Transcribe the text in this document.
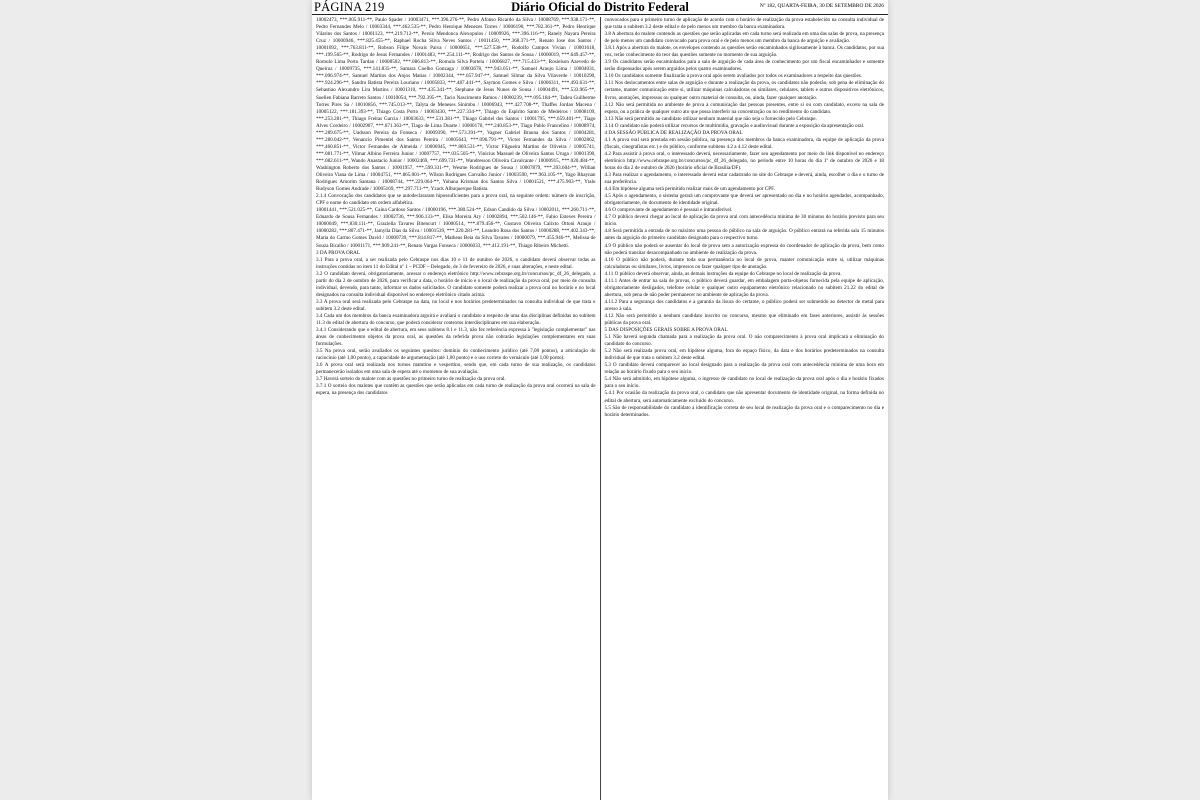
PÁGINA 219	Diário Oficial do Distrito Federal	Nº 182, QUARTA-FEIRA, 30 DE SETEMBRO DE 2026

10002473, ***.005.911-**, Paulo Spader / 10003471, ***.396.276-**, Pedro Afonso Ricardo da Silva / 10008769, ***.938.171-**, Pedro Fernandes Melo / 10003344, ***.462.535-**, Pedro Henrique Menezes Torres / 10006190, ***.782.361-**, Pedro Henrique Vilarins dos Santos / 10001123, ***.219.712-**, Persio Mendonca Alexopulos / 10009926, ***.396.116-**, Ranely Nayara Pereira Cruz / 10000946, ***.825.455-**, Raphael Rocha Silva Neves Santos / 10011450, ***.368.371-**, Renato Jose dos Santos / 10001692, ***.763.811-**, Robson Filipe Novais Paiva / 10000651, ***.527.538-**, Rodolfo Campos Vivian / 10001618, ***.199.565-**, Rodrigo de Jesus Fernandes / 10001483, ***.254.111-**, Rodrigo dos Santos de Sousa / 10000019, ***.649.457-**, Romulo Lima Porto Tardan / 10008502, ***.086.813-**, Romulo Silva Portela / 10006827, ***.715.433-**, Rosielson Azevedo de Queiroz / 10009735, ***.141.835-**, Samara Coelho Gonzaga / 10003678, ***.943.051-**, Samuel Araujo Lima / 10004031, ***.096.974-**, Samuel Martins dos Anjos Matias / 10002344, ***.057.947-**, Samuel Silmar da Silva Vilaverde / 10010290, ***.924.296-**, Sandro Batista Pereira Louriano / 10005833, ***.487.441-**, Saymon Gomes e Silva / 10006311, ***.493.631-**, Sebastiao Alexandro Lira Martins / 10001310, ***.435.341-**, Stephane de Jesus Nunes de Sousa / 10004491, ***.533.965-**, Suellen Fabiana Barreto Santos / 10010054, ***.792.395-**, Tacio Nascimento Ramos / 10000239, ***.095.184-**, Tadeu Guilherme Torres Pires Sa / 10010856, ***.745.013-**, Talyta de Meneses Sinimbu / 10006943, ***.427.708-**, Thaffes Jordao Macena / 10005122, ***.181.393-**, Thiago Costa Porto / 10003430, ***.227.334-**, Thiago do Espirito Santo de Medeiros / 10008109, ***.253.281-**, Thiago Freitas Garcia / 10003633, ***.531.381-**, Thiago Gabriel dos Santos / 10001795, ***.659.401-**, Tiago Alves Cordeiro / 10002907, ***.671.363-**, Tiago de Lima Duarte / 10000170, ***.240.853-**, Tiago Pablo Francelino / 10008974, ***.289.675-**, Uadsson Pereira da Fonseca / 10009390, ***.573.391-**, Vagner Gabriel Brauna dos Santos / 10004281, ***.280.042-**, Venancio Pimentel dos Santos Pereira / 10005643, ***.096.791-**, Victor Fernandes da Silva / 10002862, ***.460.851-**, Victor Fernandes de Almeida / 10006945, ***.869.531-**, Victor Filgueira Martins de Oliveira / 10005741, ***.081.771-**, Vilmar Albino Ferreira Junior / 10007757, ***.035.505-**, Vinicius Massuel de Oliveira Santos Uruga / 10001390, ***.082.611-**, Wando Anastacio Junior / 10002469, ***.699.731-**, Wandresson Oliveira Cavalcante / 10000915, ***.020.484-**, Washington Roberto dos Santos / 10001957, ***.599.331-**, Wesme Rodrigues de Sousa / 10007879, ***.393.604-**, Willian Oliveira Viana de Lima / 10004751, ***.865.001-**, Wilson Rodrigues Carvalho Junior / 10003590, ***.963.105-**, Yago Rhaynan Rodrigues Amorim Santana / 10008744, ***.229.064-**, Yohana Kristnan dos Santos Silva / 10001521, ***.475.903-**, Ytalo Rudyson Gomes Andrade / 10005169, ***.297.711-**, Yzack Albuquerque Batista.

2.1.4 Convocação dos candidatos que se autodeclararam hipossuficientes para a prova oral, na seguinte ordem: número de inscrição, CPF e nome do candidato em ordem alfabética.

10001441, ***.521.025-**, Caina Cardoso Santos / 10000196, ***.380.524-**, Edson Candido da Silva / 10002011, ***.260.711-**, Eduardo de Sousa Fernandes / 10002736, ***.906.133-**, Elisa Moreira Ary / 10002894, ***.502.146-**, Fabio Esteves Pereira / 10000049, ***.830.111-**, Graziella Tavares Bitencurt / 10000514, ***.879.456-**, Gustavo Oliveira Calixto Ottoni Araujo / 10000282, ***.807.471-**, Jamylla Dias da Silva / 10001539, ***.220.281-**, Leandro Rosa dos Santos / 10000288, ***.402.343-**, Maria do Carmo Gomes David / 10000739, ***.814.817-**, Matheus Beia da Silva Tavares / 10000079, ***.455.946-**, Melissa de Souza Bicalho / 10001171, ***.909.241-**, Renato Vargas Fonseca / 10006033, ***.412.191-**, Thiago Ribeiro Michetti.

3 DA PROVA ORAL

3.1 Para a prova oral, a ser realizada pelo Cebraspe nos dias 10 e 11 de outubro de 2026, o candidato deverá observar todas as instruções contidas no item 11 do Edital nº 1 – PCDF – Delegado, de 3 de fevereiro de 2026, e suas alterações, e neste edital.

3.2 O candidato deverá, obrigatoriamente, acessar o endereço eletrônico http://www.cebraspe.org.br/concursos/pc_df_26_delegado, a partir do dia 2 de outubro de 2026, para verificar a data, o horário de início e o local de realização da prova oral, por meio de consulta individual, devendo, para tanto, informar os dados solicitados. O candidato somente poderá realizar a prova oral no horário e no local designados na consulta individual disponível no endereço eletrônico citado acima.

3.3 A prova oral será realizada pelo Cebraspe na data, no local e nos horários predeterminados na consulta individual de que trata o subitem 3.2 deste edital.

3.4 Cada um dos membros da banca examinadora arguirá e avaliará o candidato a respeito de uma das disciplinas definidas no subitem 11.3 do edital de abertura do concurso, que poderá considerar contextos interdisciplinares em sua elaboração.

3.4.1 Considerando que o edital de abertura, em seus subitens 8.1 e 11.3, não fez referência expressa à "legislação complementar" nas áreas de conhecimento objetos da prova oral, as questões da referida prova não cobrarão legislações complementares em suas formulações.

3.5 Na prova oral, serão avaliados os seguintes quesitos: domínio do conhecimento jurídico (até 7,00 pontos), a articulação do raciocínio (até 1,00 ponto), a capacidade de argumentação (até 1,00 ponto) e o uso correto do vernáculo (até 1,00 ponto).

3.6 A prova oral será realizada nos turnos matutino e vespertino, sendo que, em cada turno de sua realização, os candidatos permanecerão isolados em uma sala de espera até o momento de sua avaliação.

3.7 Haverá sorteio do malote com as questões no primeiro turno de realização da prova oral.

3.7.1 O sorteio dos malotes que contêm as questões que serão aplicadas em cada turno de realização da prova oral ocorrerá na sala de espera, na presença dos candidatos

convocados para o primeiro turno de aplicação de acordo com o horário de realização da prova estabelecido na consulta individual de que trata o subitem 3.2 deste edital e de pelo menos um membro da banca examinadora.

3.8 A abertura do malote contendo as questões que serão aplicadas em cada turno será realizada em uma das salas de prova, na presença de pelo menos um candidato convocado para prova oral e de pelo menos um membro da banca de arguição e avaliação.

3.8.1 Após a abertura do malote, os envelopes contendo as questões serão encaminhados sigilosamente à banca. Os candidatos, por sua vez, terão conhecimento do teor das questões somente no momento de sua arguição.

3.9 Os candidatos serão encaminhados para a sala de arguição de cada área de conhecimento por um fiscal encaminhador e somente serão dispensados após serem arguidos pelos quatro examinadores.

3.10 Os candidatos somente finalizarão a prova oral após serem avaliados por todos os examinadores a respeito das questões.

3.11 Nos deslocamentos entre salas de arguição e durante a realização da prova, os candidatos não poderão, sob pena de eliminação do certame, manter comunicação entre si, utilizar máquinas calculadoras ou similares, celulares, tablets e outros dispositivos eletrônicos, livros, anotações, impressos ou qualquer outro material de consulta, ou, ainda, fazer qualquer anotação.

3.12 Não será permitida no ambiente de prova a comunicação das pessoas presentes, entre si ou com candidato, exceto na sala de espera, ou a prática de qualquer outro ato que possa interferir na concentração ou no rendimento do candidato.

3.13 Não será permitido ao candidato utilizar nenhum material que não seja o fornecido pelo Cebraspe.

3.14 O candidato não poderá utilizar recursos de multimídia, gravação e audiovisual durante a exposição da apresentação oral.

4 DA SESSÃO PÚBLICA DE REALIZAÇÃO DA PROVA ORAL

4.1 A prova oral será prestada em sessão pública, na presença dos membros da banca examinadora, da equipe de aplicação da prova (fiscais, cinegrafistas etc.) e do público, conforme subitens 4.2 a 4.12 deste edital.

4.2 Para assistir à prova oral, o interessado deverá, necessariamente, fazer seu agendamento por meio do link disponível no endereço eletrônico http://www.cebraspe.org.br/concursos/pc_df_26_delegado, no período entre 10 horas do dia 1º de outubro de 2026 e 18 horas do dia 2 de outubro de 2026 (horário oficial de Brasília/DF).

4.3 Para realizar o agendamento, o interessado deverá estar cadastrado no site do Cebraspe e deverá, ainda, escolher o dia e o turno de sua preferência.

4.4 Em hipótese alguma será permitido realizar mais de um agendamento por CPF.

4.5 Após o agendamento, o sistema gerará um comprovante que deverá ser apresentado no dia e no horário agendados, acompanhado, obrigatoriamente, do documento de identidade original.

4.6 O comprovante de agendamento é pessoal e intransferível.

4.7 O público deverá chegar ao local de aplicação da prova oral com antecedência mínima de 30 minutos do horário previsto para seu início.

4.8 Será permitida a entrada de no máximo uma pessoa do público na sala de arguição. O público entrará na referida sala 15 minutos antes da arguição do primeiro candidato designado para o respectivo turno.

4.9 O público não poderá se ausentar do local de prova sem a autorização expressa do coordenador de aplicação da prova, bem como não poderá transitar desacompanhado no ambiente de realização da prova.

4.10 O público não poderá, durante toda sua permanência no local de prova, manter comunicação entre si, utilizar máquinas calculadoras ou similares, livros, impressos ou fazer qualquer tipo de anotação.

4.11 O público deverá observar, ainda, as demais instruções da equipe do Cebraspe no local de realização da prova.

4.11.1 Antes de entrar na sala de provas, o público deverá guardar, em embalagem porta-objetos fornecida pela equipe de aplicação, obrigatoriamente desligados, telefone celular e qualquer outro equipamento eletrônico relacionado no subitem 21.22 do edital de abertura, sob pena de não poder permanecer no ambiente de aplicação da prova.

4.11.2 Para a segurança dos candidatos e a garantia da lisura do certame, o público poderá ser submetido ao detector de metal para acesso à sala.

4.12 Não será permitido a nenhum candidato inscrito no concurso, mesmo que eliminado em fases anteriores, assistir às sessões públicas da prova oral.

5 DAS DISPOSIÇÕES GERAIS SOBRE A PROVA ORAL

5.1 Não haverá segunda chamada para a realização da prova oral. O não comparecimento à prova oral implicará a eliminação do candidato do concurso.

5.2 Não será realizada prova oral, em hipótese alguma, fora do espaço físico, da data e dos horários predeterminados na consulta individual de que trata o subitem 3.2 deste edital.

5.3 O candidato deverá comparecer ao local designado para a realização da prova oral com antecedência mínima de uma hora em relação ao horário fixado para o seu início.

5.4 Não será admitido, em hipótese alguma, o ingresso de candidato no local de realização da prova oral após o dia e horário fixados para o seu início.

5.4.1 Por ocasião da realização da prova oral, o candidato que não apresentar documento de identidade original, na forma definida no edital de abertura, será automaticamente excluído do concurso.

5.5 São de responsabilidade do candidato a identificação correta de seu local de realização da prova oral e o comparecimento no dia e horário determinados.
